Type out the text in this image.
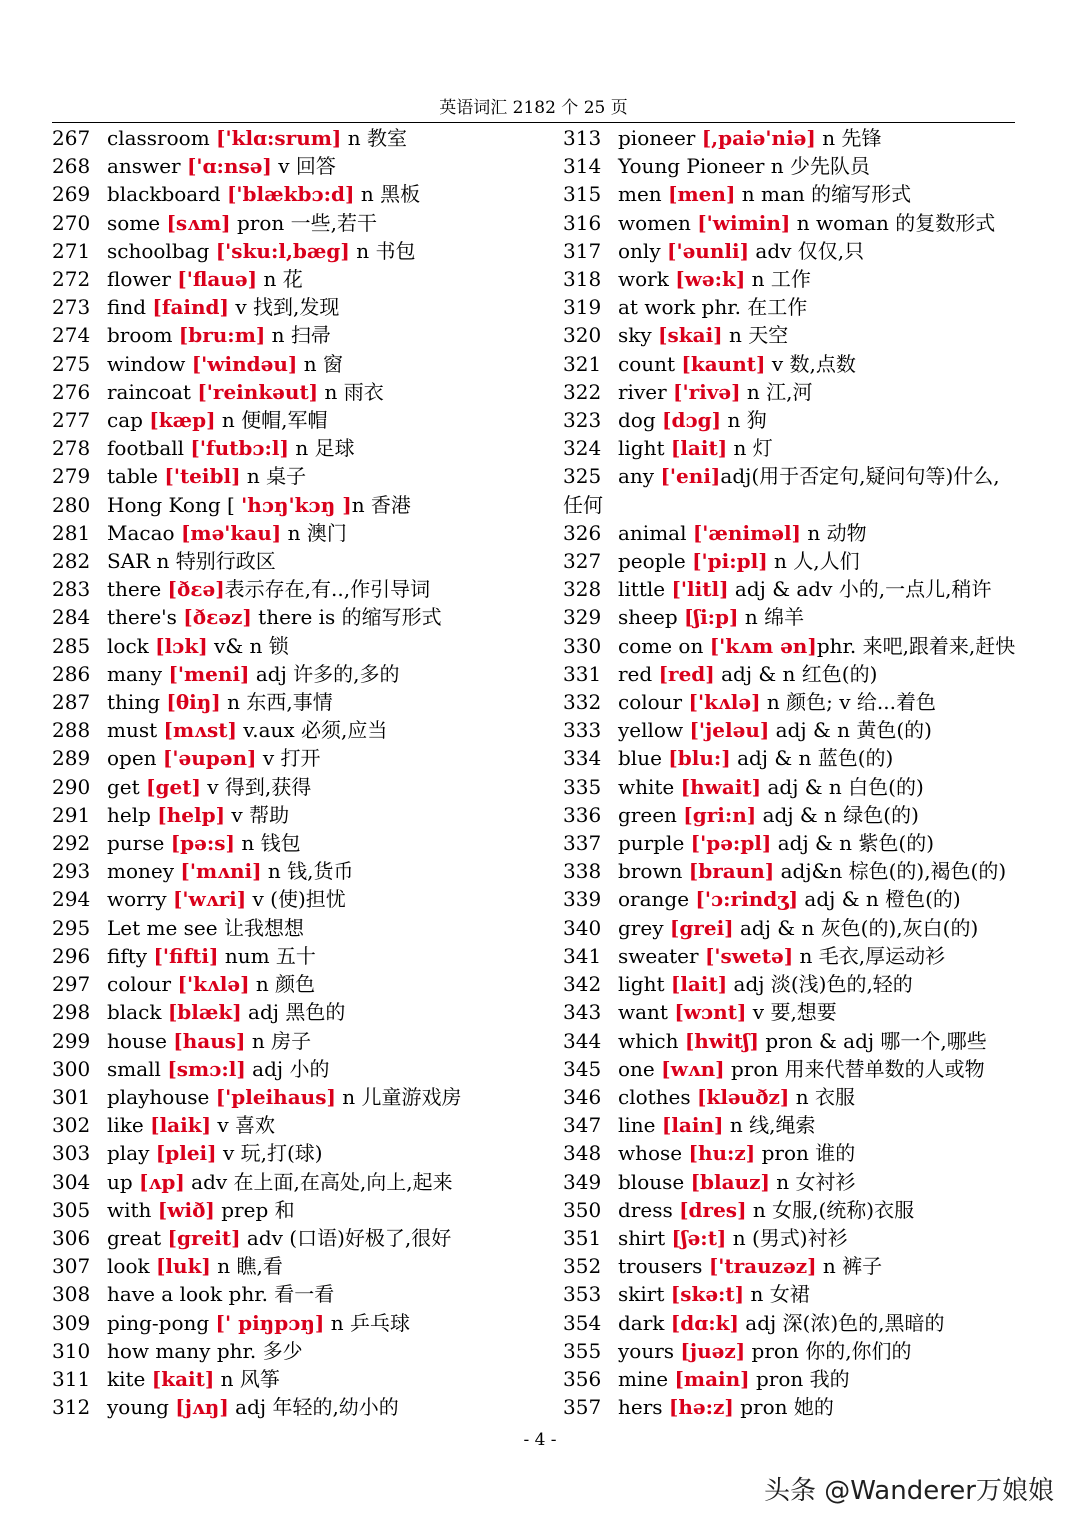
英语词汇 2182 个 25 页
267 classroom ['klɑ:srum] n 教室
268 answer ['ɑ:nsə] v 回答
269 blackboard ['blækbɔ:d] n 黑板
270 some [sʌm] pron 一些,若干
271 schoolbag ['sku:l,bæg] n 书包
272 flower ['flauə] n 花
273 find [faind] v 找到,发现
274 broom [bru:m] n 扫帚
275 window ['windəu] n 窗
276 raincoat ['reinkəut] n 雨衣
277 cap [kæp] n 便帽,军帽
278 football ['futbɔ:l] n 足球
279 table ['teibl] n 桌子
280 Hong Kong [ 'hɔŋ'kɔŋ ]n 香港
281 Macao [mə'kau] n 澳门
282 SAR n 特别行政区
283 there [ðɛə]表示存在,有..,作引导词
284 there's [ðɛəz] there is 的缩写形式
285 lock [lɔk] v& n 锁
286 many ['meni] adj 许多的,多的
287 thing [θiŋ] n 东西,事情
288 must [mʌst] v.aux 必须,应当
289 open ['əupən] v 打开
290 get [get] v 得到,获得
291 help [help] v 帮助
292 purse [pə:s] n 钱包
293 money ['mʌni] n 钱,货币
294 worry ['wʌri] v (使)担忧
295 Let me see 让我想想
296 fifty ['fifti] num 五十
297 colour ['kʌlə] n 颜色
298 black [blæk] adj 黑色的
299 house [haus] n 房子
300 small [smɔ:l] adj 小的
301 playhouse ['pleihaus] n 儿童游戏房
302 like [laik] v 喜欢
303 play [plei] v 玩,打(球)
304 up [ʌp] adv 在上面,在高处,向上,起来
305 with [wið] prep 和
306 great [greit] adv (口语)好极了,很好
307 look [luk] n 瞧,看
308 have a look phr. 看一看
309 ping-pong [' piŋpɔŋ] n 乒乓球
310 how many phr. 多少
311 kite [kait] n 风筝
312 young [jʌŋ] adj 年轻的,幼小的
313 pioneer [,paiə'niə] n 先锋
314 Young Pioneer n 少先队员
315 men [men] n man 的缩写形式
316 women ['wimin] n woman 的复数形式
317 only ['əunli] adv 仅仅,只
318 work [wə:k] n 工作
319 at work phr. 在工作
320 sky [skai] n 天空
321 count [kaunt] v 数,点数
322 river ['rivə] n 江,河
323 dog [dɔg] n 狗
324 light [lait] n 灯
325 any ['eni]adj(用于否定句,疑问句等)什么,任何
326 animal ['æniməl] n 动物
327 people ['pi:pl] n 人,人们
328 little ['litl] adj & adv 小的,一点儿,稍许
329 sheep [ʃi:p] n 绵羊
330 come on ['kʌm ən]phr. 来吧,跟着来,赶快
331 red [red] adj & n 红色(的)
332 colour ['kʌlə] n 颜色; v 给...着色
333 yellow ['jeləu] adj & n 黄色(的)
334 blue [blu:] adj & n 蓝色(的)
335 white [hwait] adj & n 白色(的)
336 green [gri:n] adj & n 绿色(的)
337 purple ['pə:pl] adj & n 紫色(的)
338 brown [braun] adj&n 棕色(的),褐色(的)
339 orange ['ɔ:rindʒ] adj & n 橙色(的)
340 grey [grei] adj & n 灰色(的),灰白(的)
341 sweater ['swetə] n 毛衣,厚运动衫
342 light [lait] adj 淡(浅)色的,轻的
343 want [wɔnt] v 要,想要
344 which [hwitʃ] pron & adj 哪一个,哪些
345 one [wʌn] pron 用来代替单数的人或物
346 clothes [kləuðz] n 衣服
347 line [lain] n 线,绳索
348 whose [hu:z] pron 谁的
349 blouse [blauz] n 女衬衫
350 dress [dres] n 女服,(统称)衣服
351 shirt [ʃə:t] n (男式)衬衫
352 trousers ['trauzəz] n 裤子
353 skirt [skə:t] n 女裙
354 dark [dɑ:k] adj 深(浓)色的,黑暗的
355 yours [juəz] pron 你的,你们的
356 mine [main] pron 我的
357 hers [hə:z] pron 她的
- 4 -
头条 @Wanderer万娘娘
